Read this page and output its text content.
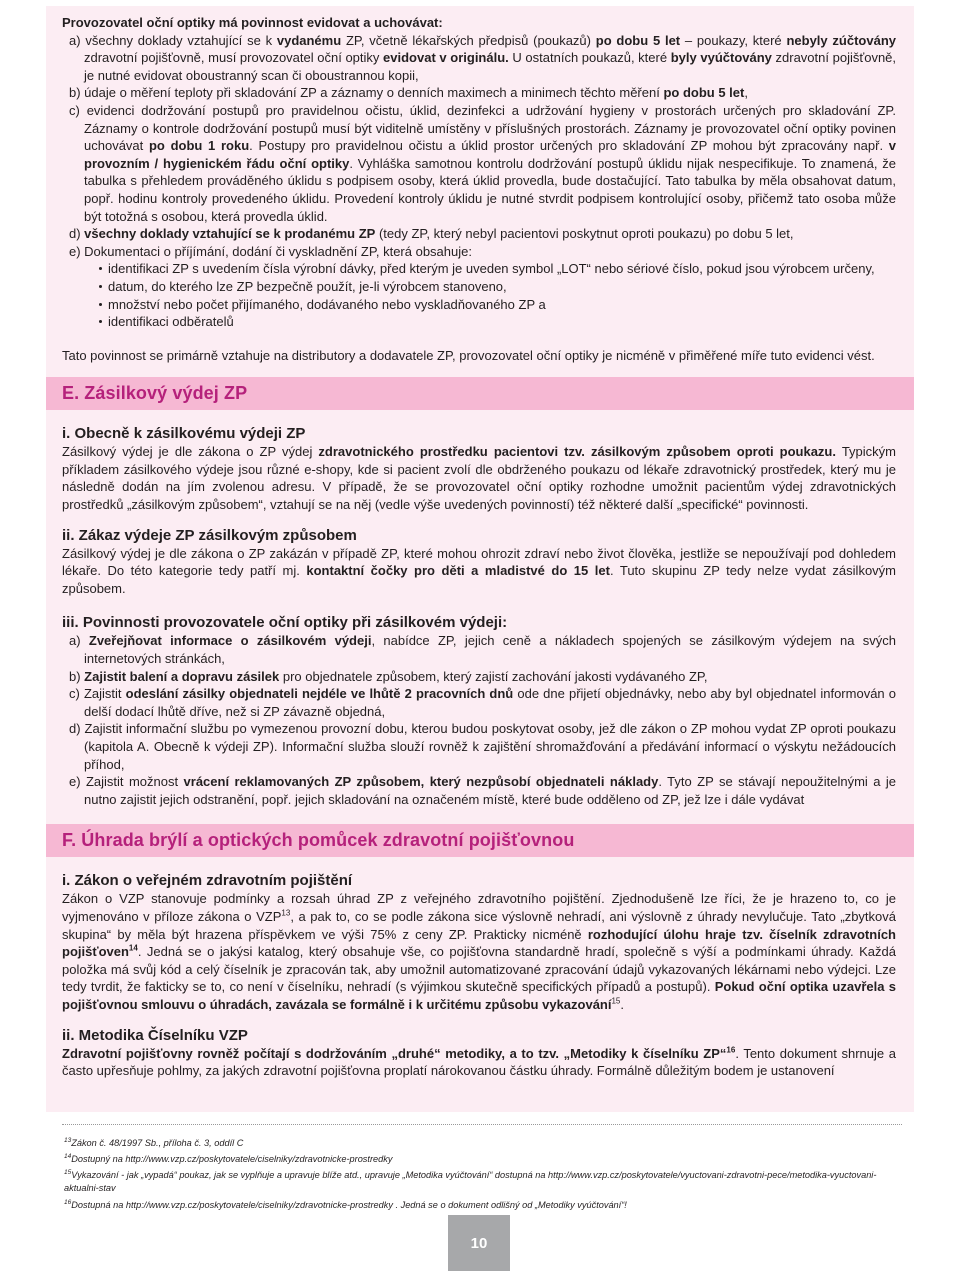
Provozovatel oční optiky má povinnost evidovat a uchovávat:

a) všechny doklady vztahující se k vydanému ZP, včetně lékařských předpisů (poukazů) po dobu 5 let – poukazy, které nebyly zúčtovány zdravotní pojišťovně, musí provozovatel oční optiky evidovat v originálu. U ostatních poukazů, které byly vyúčtovány zdravotní pojišťovně, je nutné evidovat oboustranný scan či oboustrannou kopii,

b) údaje o měření teploty při skladování ZP a záznamy o denních maximech a minimech těchto měření po dobu 5 let,

c) evidenci dodržování postupů pro pravidelnou očistu, úklid, dezinfekci a udržování hygieny v prostorách určených pro skladování ZP. Záznamy o kontrole dodržování postupů musí být viditelně umístěny v příslušných prostorách. Záznamy je provozovatel oční optiky povinen uchovávat po dobu 1 roku. Postupy pro pravidelnou očistu a úklid prostor určených pro skladování ZP mohou být zpracovány např. v provozním / hygienickém řádu oční optiky. Vyhláška samotnou kontrolu dodržování postupů úklidu nijak nespecifikuje. To znamená, že tabulka s přehledem prováděného úklidu s podpisem osoby, která úklid provedla, bude dostačující. Tato tabulka by měla obsahovat datum, popř. hodinu kontroly provedeného úklidu. Provedení kontroly úklidu je nutné stvrdit podpisem kontrolující osoby, přičemž tato osoba může být totožná s osobou, která provedla úklid.

d) všechny doklady vztahující se k prodanému ZP (tedy ZP, který nebyl pacientovi poskytnut oproti poukazu) po dobu 5 let,

e) Dokumentaci o příjímání, dodání či vyskladnění ZP, která obsahuje:

identifikaci ZP s uvedením čísla výrobní dávky, před kterým je uveden symbol „LOT“ nebo sériové číslo, pokud jsou výrobcem určeny,
datum, do kterého lze ZP bezpečně použít, je-li výrobcem stanoveno,
množství nebo počet přijímaného, dodávaného nebo vyskladňovaného ZP a
identifikaci odběratelů

Tato povinnost se primárně vztahuje na distributory a dodavatele ZP, provozovatel oční optiky je nicméně v přiměřené míře tuto evidenci vést.

E. Zásilkový výdej ZP
i. Obecně k zásilkovému výdeji ZP

Zásilkový výdej je dle zákona o ZP výdej zdravotnického prostředku pacientovi tzv. zásilkovým způsobem oproti poukazu. Typickým příkladem zásilkového výdeje jsou různé e-shopy, kde si pacient zvolí dle obdrženého poukazu od lékaře zdravotnický prostředek, který mu je následně dodán na jím zvolenou adresu. V případě, že se provozovatel oční optiky rozhodne umožnit pacientům výdej zdravotnických prostředků „zásilkovým způsobem“, vztahují se na něj (vedle výše uvedených povinností) též některé další „specifické“ povinnosti.

ii. Zákaz výdeje ZP zásilkovým způsobem

Zásilkový výdej je dle zákona o ZP zakázán v případě ZP, které mohou ohrozit zdraví nebo život člověka, jestliže se nepoužívají pod dohledem lékaře. Do této kategorie tedy patří mj. kontaktní čočky pro děti a mladistvé do 15 let. Tuto skupinu ZP tedy nelze vydat zásilkovým způsobem.

iii. Povinnosti provozovatele oční optiky při zásilkovém výdeji:

a) Zveřejňovat informace o zásilkovém výdeji, nabídce ZP, jejich ceně a nákladech spojených se zásilkovým výdejem na svých internetových stránkách,

b) Zajistit balení a dopravu zásilek pro objednatele způsobem, který zajistí zachování jakosti vydávaného ZP,

c) Zajistit odeslání zásilky objednateli nejdéle ve lhůtě 2 pracovních dnů ode dne přijetí objednávky, nebo aby byl objednatel informován o delší dodací lhůtě dříve, než si ZP závazně objedná,

d) Zajistit informační službu po vymezenou provozní dobu, kterou budou poskytovat osoby, jež dle zákon o ZP mohou vydat ZP oproti poukazu (kapitola A. Obecně k výdeji ZP). Informační služba slouží rovněž k zajištění shromažďování a předávání informací o výskytu nežádoucích příhod,

e) Zajistit možnost vrácení reklamovaných ZP způsobem, který nezpůsobí objednateli náklady. Tyto ZP se stávají nepoužitelnými a je nutno zajistit jejich odstranění, popř. jejich skladování na označeném místě, které bude odděleno od ZP, jež lze i dále vydávat

F. Úhrada brýlí a optických pomůcek zdravotní pojišťovnou
i. Zákon o veřejném zdravotním pojištění

Zákon o VZP stanovuje podmínky a rozsah úhrad ZP z veřejného zdravotního pojištění. Zjednodušeně lze říci, že je hrazeno to, co je vyjmenováno v příloze zákona o VZP$^{13}$, a pak to, co se podle zákona sice výslovně nehradí, ani výslovně z úhrady nevylučuje. Tato „zbytková skupina“ by měla být hrazena příspěvkem ve výši 75% z ceny ZP. Prakticky nicméně rozhodující úlohu hraje tzv. číselník zdravotních pojišťoven$^{14}$. Jedná se o jakýsi katalog, který obsahuje vše, co pojišťovna standardně hradí, společně s výší a podmínkami úhrady. Každá položka má svůj kód a celý číselník je zpracován tak, aby umožnil automatizované zpracování údajů vykazovaných lékárnami nebo výdejci. Lze tedy tvrdit, že fakticky se to, co není v číselníku, nehradí (s výjimkou skutečně specifických případů a postupů). Pokud oční optika uzavřela s pojišťovnou smlouvu o úhradách, zavázala se formálně i k určitému způsobu vykazování$^{15}$.

ii. Metodika Číselníku VZP

Zdravotní pojišťovny rovněž počítají s dodržováním „druhé“ metodiky, a to tzv. „Metodiky k číselníku ZP“$^{16}$. Tento dokument shrnuje a často upřesňuje pohlmy, za jakých zdravotní pojišťovna proplatí nárokovanou částku úhrady. Formálně důležitým bodem je ustanovení

$^{13}$Zákon č. 48/1997 Sb., příloha č. 3, oddíl C

$^{14}$Dostupný na http://www.vzp.cz/poskytovatele/ciselniky/zdravotnicke-prostredky

$^{15}$Vykazování - jak „vypadá“ poukaz, jak se vyplňuje a upravuje blíže atd., upravuje „Metodika vyúčtování“ dostupná na http://www.vzp.cz/poskytovatele/vyuctovani-zdravotni-pece/metodika-vyuctovani-aktualni-stav

$^{16}$Dostupná na http://www.vzp.cz/poskytovatele/ciselniky/zdravotnicke-prostredky . Jedná se o dokument odlišný od „Metodiky vyúčtování“!

10
